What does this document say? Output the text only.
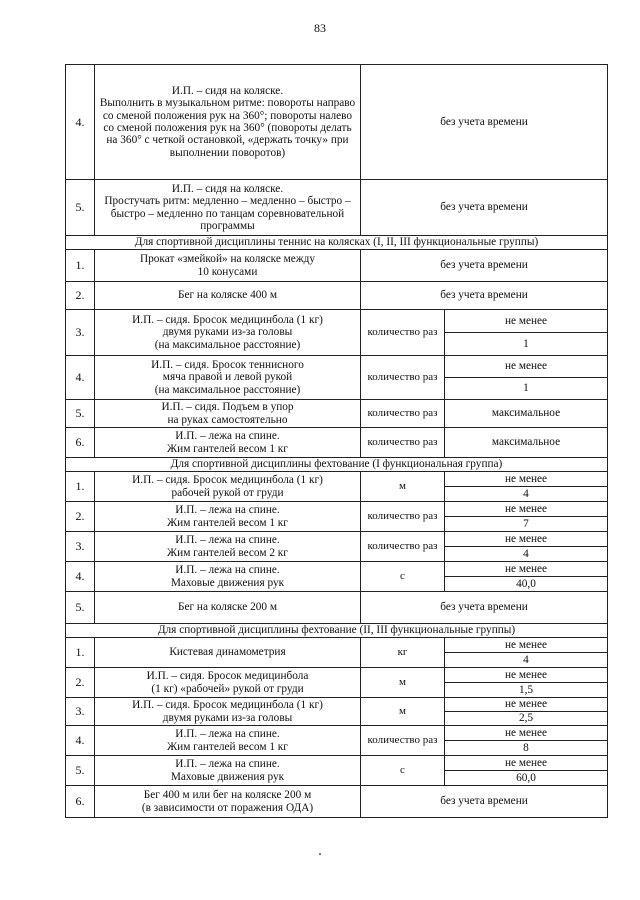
83
4.	И.П. – сидя на коляске.
Выполнить в музыкальном ритме: повороты направо со сменой положения рук на 360°; повороты налево со сменой положения рук на 360° (повороты делать на 360° с четкой остановкой, «держать точку» при выполнении поворотов)	без учета времени	
5.	И.П. – сидя на коляске.
Простучать ритм: медленно – медленно – быстро – быстро – медленно по танцам соревновательной программы	без учета времени	
Для спортивной дисциплины теннис на колясках (I, II, III функциональные группы)			
1.	Прокат «змейкой» на коляске между
10 конусами	без учета времени	
2.	Бег на коляске 400 м	без учета времени	
3.	И.П. – сидя. Бросок медицинбола (1 кг)
двумя руками из-за головы
(на максимальное расстояние)	количество раз	не менее
			1
4.	И.П. – сидя. Бросок теннисного
мяча правой и левой рукой
(на максимальное расстояние)	количество раз	не менее
			1
5.	И.П. – сидя. Подъем в упор
на руках самостоятельно	количество раз	максимальное
6.	И.П. – лежа на спине.
Жим гантелей весом 1 кг	количество раз	максимальное
Для спортивной дисциплины фехтование (I функциональная группа)			
1.	И.П. – сидя. Бросок медицинбола (1 кг)
рабочей рукой от груди	м	не менее
			4
2.	И.П. – лежа на спине.
Жим гантелей весом 1 кг	количество раз	не менее
			7
3.	И.П. – лежа на спине.
Жим гантелей весом 2 кг	количество раз	не менее
			4
4.	И.П. – лежа на спине.
Маховые движения рук	с	не менее
			40,0
5.	Бег на коляске 200 м	без учета времени	
Для спортивной дисциплины фехтование (II, III функциональные группы)			
1.	Кистевая динамометрия	кг	не менее
			4
2.	И.П. – сидя. Бросок медицинбола
(1 кг) «рабочей» рукой от груди	м	не менее
			1,5
3.	И.П. – сидя. Бросок медицинбола (1 кг)
двумя руками из-за головы	м	не менее
			2,5
4.	И.П. – лежа на спине.
Жим гантелей весом 1 кг	количество раз	не менее
			8
5.	И.П. – лежа на спине.
Маховые движения рук	с	не менее
			60,0
6.	Бег 400 м или бег на коляске 200 м
(в зависимости от поражения ОДА)	без учета времени	
